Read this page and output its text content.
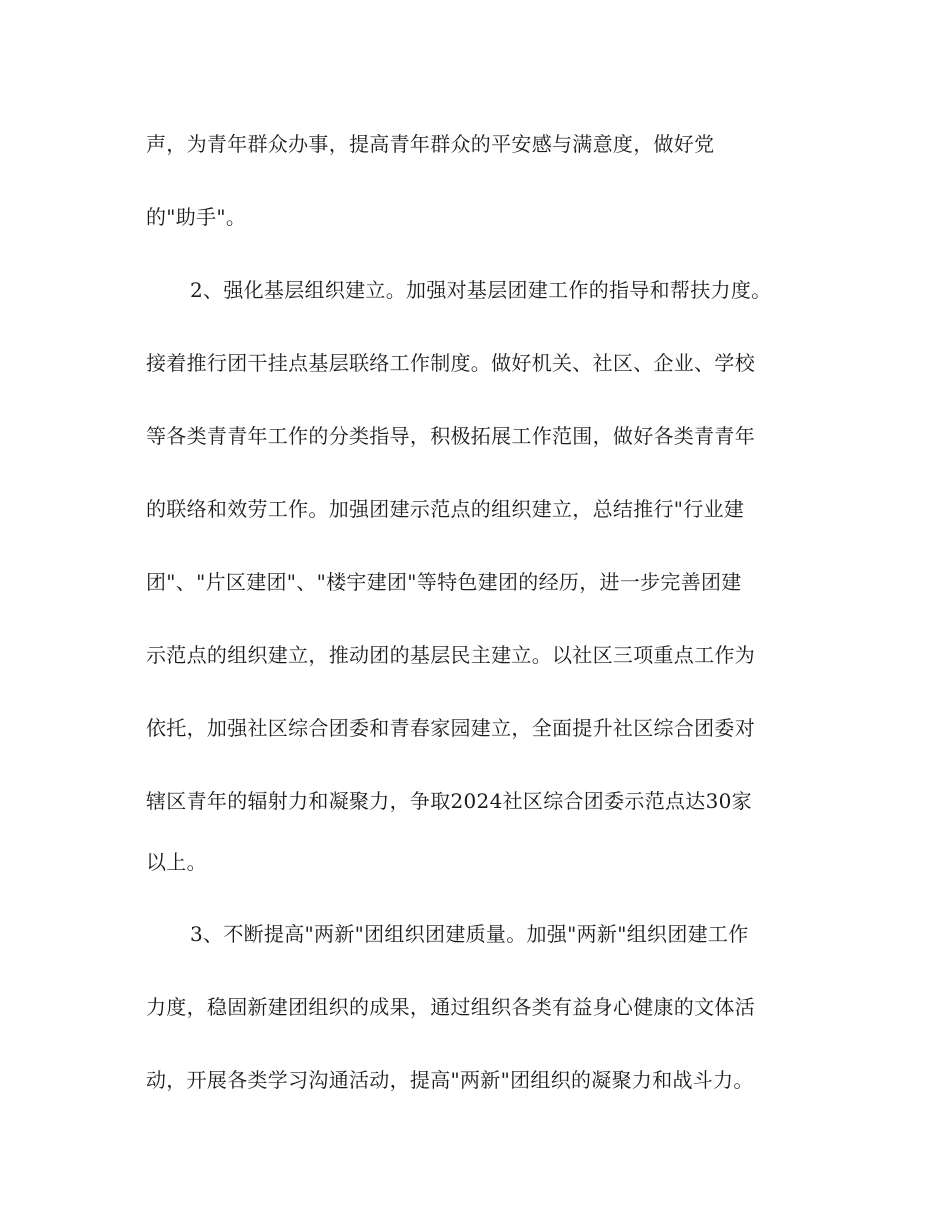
声，为青年群众办事，提高青年群众的平安感与满意度，做好党
的"助手"。
2、强化基层组织建立。加强对基层团建工作的指导和帮扶力度。
接着推行团干挂点基层联络工作制度。做好机关、社区、企业、学校
等各类青青年工作的分类指导，积极拓展工作范围，做好各类青青年
的联络和效劳工作。加强团建示范点的组织建立，总结推行"行业建
团"、"片区建团"、"楼宇建团"等特色建团的经历，进一步完善团建
示范点的组织建立，推动团的基层民主建立。以社区三项重点工作为
依托，加强社区综合团委和青春家园建立，全面提升社区综合团委对
辖区青年的辐射力和凝聚力，争取2024社区综合团委示范点达30家
以上。
3、不断提高"两新"团组织团建质量。加强"两新"组织团建工作
力度，稳固新建团组织的成果，通过组织各类有益身心健康的文体活
动，开展各类学习沟通活动，提高"两新"团组织的凝聚力和战斗力。
